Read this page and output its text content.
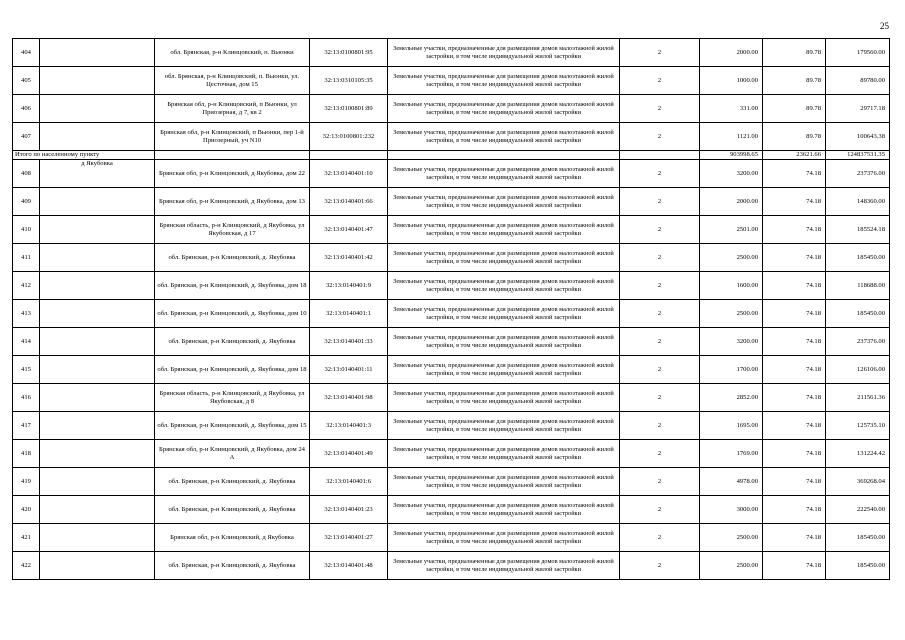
25
404		обл. Брянская, р-н Клинцовский, п. Вьюнки	32:13:0100801:95	Земельные участки, предназначенные для размещения домов малоэтажной жилой застройки, в том числе индивидуальной жилой застройки	2	2000.00	89.78	179560.00
405		обл. Брянская, р-н Клинцовский, п. Вьюнки, ул. Цесточная, дом 15	32:13:0310105:35	Земельные участки, предназначенные для размещения домов малоэтажной жилой застройки, в том числе индивидуальной жилой застройки	2	1000.00	89.78	89780.00
406		Брянская обл, р-н Клинцовский, п Вьюнки, ул Приозерная, д 7, кв 2	32:13:0100801:89	Земельные участки, предназначенные для размещения домов малоэтажной жилой застройки, в том числе индивидуальной жилой застройки	2	331.00	89.78	29717.18
407		Брянская обл, р-н Клинцовский, п Вьюнки, пер 1-й Приозерный, уч N10	32:13:0100801:232	Земельные участки, предназначенные для размещения домов малоэтажной жилой застройки, в том числе индивидуальной жилой застройки	2	1121.00	89.78	100643.38
Итого по населенному пункту						903998.65	23621.66	124837531.35
408	д Якубовка	Брянская обл, р-н Клинцовский, д Якубовка, дом 22	32:13:0140401:10	Земельные участки, предназначенные для размещения домов малоэтажной жилой застройки, в том числе индивидуальной жилой застройки	2	3200.00	74.18	237376.00
409		Брянская обл, р-н Клинцовский, д Якубовка, дом 13	32:13:0140401:66	Земельные участки, предназначенные для размещения домов малоэтажной жилой застройки, в том числе индивидуальной жилой застройки	2	2000.00	74.18	148360.00
410		Брянская область, р-н Клинцовский, д Якубовка, ул Якубовская, д 17	32:13:0140401:47	Земельные участки, предназначенные для размещения домов малоэтажной жилой застройки, в том числе индивидуальной жилой застройки	2	2501.00	74.18	185524.18
411		обл. Брянская, р-н Клинцовский, д. Якубовка	32:13:0140401:42	Земельные участки, предназначенные для размещения домов малоэтажной жилой застройки, в том числе индивидуальной жилой застройки	2	2500.00	74.18	185450.00
412		обл. Брянская, р-н Клинцовский, д. Якубовка, дом 18	32:13:0140401:9	Земельные участки, предназначенные для размещения домов малоэтажной жилой застройки, в том числе индивидуальной жилой застройки	2	1600.00	74.18	118688.00
413		обл. Брянская, р-н Клинцовский, д. Якубовка, дом 10	32:13:0140401:1	Земельные участки, предназначенные для размещения домов малоэтажной жилой застройки, в том числе индивидуальной жилой застройки	2	2500.00	74.18	185450.00
414		обл. Брянская, р-н Клинцовский, д. Якубовка	32:13:0140401:33	Земельные участки, предназначенные для размещения домов малоэтажной жилой застройки, в том числе индивидуальной жилой застройки	2	3200.00	74.18	237376.00
415		обл. Брянская, р-н Клинцовский, д. Якубовка, дом 18	32:13:0140401:11	Земельные участки, предназначенные для размещения домов малоэтажной жилой застройки, в том числе индивидуальной жилой застройки	2	1700.00	74.18	126106.00
416		Брянская область, р-н Клинцовский, д Якубовка, ул Якубовская, д 8	32:13:0140401:98	Земельные участки, предназначенные для размещения домов малоэтажной жилой застройки, в том числе индивидуальной жилой застройки	2	2852.00	74.18	211561.36
417		обл. Брянская, р-н Клинцовский, д. Якубовка, дом 15	32:13:0140401:3	Земельные участки, предназначенные для размещения домов малоэтажной жилой застройки, в том числе индивидуальной жилой застройки	2	1695.00	74.18	125735.10
418		Брянская обл, р-н Клинцовский, д Якубовка, дом 24 А	32:13:0140401:49	Земельные участки, предназначенные для размещения домов малоэтажной жилой застройки, в том числе индивидуальной жилой застройки	2	1769.00	74.18	131224.42
419		обл. Брянская, р-н Клинцовский, д. Якубовка	32:13:0140401:6	Земельные участки, предназначенные для размещения домов малоэтажной жилой застройки, в том числе индивидуальной жилой застройки	2	4978.00	74.18	369268.04
420		обл. Брянская, р-н Клинцовский, д. Якубовка	32:13:0140401:23	Земельные участки, предназначенные для размещения домов малоэтажной жилой застройки, в том числе индивидуальной жилой застройки	2	3000.00	74.18	222540.00
421		Брянская обл, р-н Клинцовский, д Якубовка	32:13:0140401:27	Земельные участки, предназначенные для размещения домов малоэтажной жилой застройки, в том числе индивидуальной жилой застройки	2	2500.00	74.18	185450.00
422		обл. Брянская, р-н Клинцовский, д. Якубовка	32:13:0140401:48	Земельные участки, предназначенные для размещения домов малоэтажной жилой застройки, в том числе индивидуальной жилой застройки	2	2500.00	74.18	185450.00
